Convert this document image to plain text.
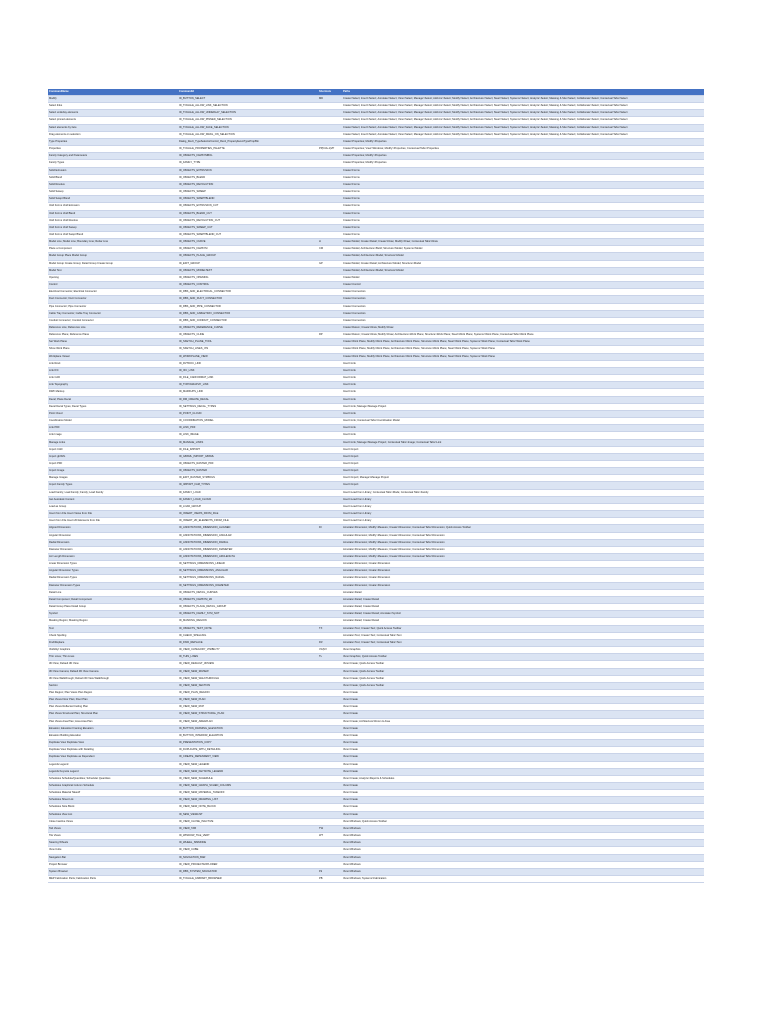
CommandName	CommandId	Shortcuts	Paths
Modify	ID_BUTTON_SELECT	MD	Create>Select; Insert>Select; Annotate>Select; View>Select; Manage>Select; Add-Ins>Select; Modify>Select; Architecture>Select; Steel>Select; Systems>Select; Analyze>Select; Massing & Site>Select; Collaborate>Select; Contextual Tabs>Select
Select links	ID_TOGGLE_ALLOW_LINK_SELECTION		Create>Select; Insert>Select; Annotate>Select; View>Select; Manage>Select; Add-Ins>Select; Modify>Select; Architecture>Select; Steel>Select; Systems>Select; Analyze>Select; Massing & Site>Select; Collaborate>Select; Contextual Tabs>Select
Select underlay elements	ID_TOGGLE_ALLOW_UNDERLAY_SELECTION		Create>Select; Insert>Select; Annotate>Select; View>Select; Manage>Select; Add-Ins>Select; Modify>Select; Architecture>Select; Steel>Select; Systems>Select; Analyze>Select; Massing & Site>Select; Collaborate>Select; Contextual Tabs>Select
Select pinned elements	ID_TOGGLE_ALLOW_PINNED_SELECTION		Create>Select; Insert>Select; Annotate>Select; View>Select; Manage>Select; Add-Ins>Select; Modify>Select; Architecture>Select; Steel>Select; Systems>Select; Analyze>Select; Massing & Site>Select; Collaborate>Select; Contextual Tabs>Select
Select elements by face	ID_TOGGLE_ALLOW_FACE_SELECTION		Create>Select; Insert>Select; Annotate>Select; View>Select; Manage>Select; Add-Ins>Select; Modify>Select; Architecture>Select; Steel>Select; Systems>Select; Analyze>Select; Massing & Site>Select; Collaborate>Select; Contextual Tabs>Select
Drag elements on selection	ID_TOGGLE_ALLOW_DRAG_ON_SELECTION		Create>Select; Insert>Select; Annotate>Select; View>Select; Manage>Select; Add-Ins>Select; Modify>Select; Architecture>Select; Steel>Select; Systems>Select; Analyze>Select; Massing & Site>Select; Collaborate>Select; Contextual Tabs>Select
Type Properties	Dialog_Revit_TypeSelectorControl_Revit_PropertyEventTypePropBtn		Create>Properties; Modify>Properties
Properties	ID_TOGGLE_PROPERTIES_PALETTE	PP|Ctrl+1|VP	Create>Properties; View>Windows; Modify>Properties; Contextual Tabs>Properties
Family Category and Parameters	ID_OBJECTS_FAMSYMBOL		Create>Properties; Modify>Properties
Family Types	ID_FAMILY_TYPE		Create>Properties; Modify>Properties
Solid Extrusion	ID_OBJECTS_EXTRUSION		Create>Forms
Solid Blend	ID_OBJECTS_BLEND		Create>Forms
Solid Revolve	ID_OBJECTS_REVOLUTION		Create>Forms
Solid Sweep	ID_OBJECTS_SWEEP		Create>Forms
Solid Swept Blend	ID_OBJECTS_SWEPTBLEND		Create>Forms
Void Forms Void Extrusion	ID_OBJECTS_EXTRUSION_CUT		Create>Forms
Void Forms Void Blend	ID_OBJECTS_BLEND_CUT		Create>Forms
Void Forms Void Revolve	ID_OBJECTS_REVOLUTION_CUT		Create>Forms
Void Forms Void Sweep	ID_OBJECTS_SWEEP_CUT		Create>Forms
Void Forms Void Swept Blend	ID_OBJECTS_SWEPTBLEND_CUT		Create>Forms
Model Line; Model Line; Boundary Line; Rebar Line	ID_OBJECTS_CURVE	LI	Create>Model; Create>Detail; Create>Draw; Modify>Draw; Contextual Tabs>Draw
Place a Component	ID_OBJECTS_FAMSYM	CM	Create>Model; Architecture>Build; Structure>Model; Systems>Model
Model Group Place Model Group	ID_OBJECTS_PLACE_GROUP		Create>Model; Architecture>Model; Structure>Model
Model Group Create Group; Detail Group Create Group	ID_EDIT_GROUP	GP	Create>Model; Create>Detail; Architecture>Model; Structure>Model
Model Text	ID_OBJECTS_MODELTEXT		Create>Model; Architecture>Model; Structure>Model
Opening	ID_OBJECTS_OPENING		Create>Model
Control	ID_OBJECTS_CONTROL		Create>Control
Electrical Connector; Electrical Connector	ID_RBS_ADD_ELECTRICAL_CONNECTOR		Create>Connectors
Duct Connector; Duct Connector	ID_RBS_ADD_DUCT_CONNECTOR		Create>Connectors
Pipe Connector; Pipe Connector	ID_RBS_ADD_PIPE_CONNECTOR		Create>Connectors
Cable Tray Connector; Cable Tray Connector	ID_RBS_ADD_CABLETRAY_CONNECTOR		Create>Connectors
Conduit Connector; Conduit Connector	ID_RBS_ADD_CONDUIT_CONNECTOR		Create>Connectors
Reference Line; Reference Line	ID_OBJECTS_REFERENCE_CURVE		Create>Datum; Create>Draw; Modify>Draw
Reference Plane; Reference Plane	ID_OBJECTS_CLINE	RP	Create>Datum; Create>Draw; Modify>Draw; Architecture>Work Plane; Structure>Work Plane; Steel>Work Plane; Systems>Work Plane; Contextual Tabs>Work Plane
Set Work Plane	ID_SKETCH_PLANE_TOOL		Create>Work Plane; Modify>Work Plane; Architecture>Work Plane; Structure>Work Plane; Steel>Work Plane; Systems>Work Plane; Contextual Tabs>Work Plane
Show Work Plane	ID_SKETCH_LINES_VIS		Create>Work Plane; Modify>Work Plane; Architecture>Work Plane; Structure>Work Plane; Steel>Work Plane; Systems>Work Plane
Workplane Viewer	ID_WORKPLANE_VIEW		Create>Work Plane; Modify>Work Plane; Architecture>Work Plane; Structure>Work Plane; Steel>Work Plane; Systems>Work Plane
Link Revit	ID_RVTDOC_LINK		Insert>Link
Link IFC	ID_IFC_LINK		Insert>Link
Link CAD	ID_FILE_CADFORMAT_LINK		Insert>Link
Link Topography	ID_TOPOGRAPHY_LINK		Insert>Link
DWF Markup	ID_MARKUPS_LINK		Insert>Link
Decal; Place Decal	ID_RM_CREATE_DECAL		Insert>Link
Decal Decal Types; Decal Types	ID_SETTINGS_DECAL_TYPES		Insert>Link; Manage>Manage Project
Point Cloud	ID_POINT_CLOUD		Insert>Link
Coordination Model	ID_COORDINATION_MODEL		Insert>Link; Contextual Tabs>Coordination Model
Link PDF	ID_LINK_PDF		Insert>Link
Link Image	ID_LINK_IMAGE		Insert>Link
Manage Links	ID_MANAGE_LINKS		Insert>Link; Manage>Manage Project; Contextual Tabs>Image; Contextual Tabs>Link
Import CAD	ID_FILE_IMPORT		Insert>Import
Import gbXML	ID_GBXML_IMPORT_GBXML		Insert>Import
Import PDF	ID_OBJECTS_RASTER_PDF		Insert>Import
Import Image	ID_OBJECTS_RASTER		Insert>Import
Manage Images	ID_EDIT_RASTER_SYMBOLS		Insert>Import; Manage>Manage Project
Import Family Types	ID_IMPORT_FAM_TYPES		Insert>Import
Load Family; Load Family; Family; Load Family	ID_FAMILY_LOAD		Insert>Load from Library; Contextual Tabs>Mode; Contextual Tabs>Family
Get Autodesk Content	ID_FAMILY_LOAD_CLOUD		Insert>Load from Library
Load as Group	ID_LOAD_GROUP		Insert>Load from Library
Insert from File Insert Views from File	ID_INSERT_VIEWS_FROM_FILE		Insert>Load from Library
Insert from File Insert 2D Elements from File	ID_INSERT_2D_ELEMENTS_FROM_FILE		Insert>Load from Library
Aligned Dimension	ID_ANNOTATIONS_DIMENSION_ALIGNED	DI	Annotate>Dimension; Modify>Measure; Create>Dimension; Contextual Tabs>Dimension; Quick Access Toolbar
Angular Dimension	ID_ANNOTATIONS_DIMENSION_ANGULAR		Annotate>Dimension; Modify>Measure; Create>Dimension; Contextual Tabs>Dimension
Radial Dimension	ID_ANNOTATIONS_DIMENSION_RADIAL		Annotate>Dimension; Modify>Measure; Create>Dimension; Contextual Tabs>Dimension
Diameter Dimension	ID_ANNOTATIONS_DIMENSION_DIAMETER		Annotate>Dimension; Modify>Measure; Create>Dimension; Contextual Tabs>Dimension
Arc Length Dimension	ID_ANNOTATIONS_DIMENSION_ARCLENGTH		Annotate>Dimension; Modify>Measure; Create>Dimension; Contextual Tabs>Dimension
Linear Dimension Types	ID_SETTINGS_DIMENSIONS_LINEAR		Annotate>Dimension; Create>Dimension
Angular Dimension Types	ID_SETTINGS_DIMENSIONS_ANGULAR		Annotate>Dimension; Create>Dimension
Radial Dimension Types	ID_SETTINGS_DIMENSIONS_RADIAL		Annotate>Dimension; Create>Dimension
Diameter Dimension Types	ID_SETTINGS_DIMENSIONS_DIAMETER		Annotate>Dimension; Create>Dimension
Detail Line	ID_OBJECTS_DETAIL_CURVES		Annotate>Detail
Detail Component; Detail Component	ID_OBJECTS_FAMSYM_2D		Annotate>Detail; Create>Detail
Detail Group Place Detail Group	ID_OBJECTS_PLACE_DETAIL_GROUP		Annotate>Detail; Create>Detail
Symbol	ID_OBJECTS_FAMILY_SYM_NOT		Annotate>Detail; Create>Detail; Annotate>Symbol
Masking Region; Masking Region	ID_MASKING_REGION		Annotate>Detail; Create>Detail
Text	ID_OBJECTS_TEXT_NOTE	TX	Annotate>Text; Create>Text; Quick Access Toolbar
Check Spelling	ID_CHECK_SPELLING		Annotate>Text; Create>Text; Contextual Tabs>Text
Find/Replace	ID_FIND_REPLACE	FR	Annotate>Text; Create>Text; Contextual Tabs>Text
Visibility/ Graphics	ID_VIEW_CATEGORY_VISIBILITY	VG|VV	View>Graphics
Thin Lines; Thin Lines	ID_THIN_LINES	TL	View>Graphics; Quick Access Toolbar
3D View; Default 3D View	ID_VIEW_DEFAULT_3DVIEW		View>Create; Quick Access Toolbar
3D View Camera; Default 3D View Camera	ID_VIEW_NEW_3DVIEW		View>Create; Quick Access Toolbar
3D View Walkthrough; Default 3D View Walkthrough	ID_VIEW_NEW_WALKTHROUGH		View>Create; Quick Access Toolbar
Section	ID_VIEW_NEW_SECTION		View>Create; Quick Access Toolbar
Plan Region; Plan Views Plan Region	ID_VIEW_PLAN_REGION		View>Create
Plan Views Floor Plan; Floor Plan	ID_VIEW_NEW_PLAN		View>Create
Plan Views Reflected Ceiling Plan	ID_VIEW_NEW_RCP		View>Create
Plan Views Structural Plan; Structural Plan	ID_VIEW_NEW_STRUCTURAL_PLAN		View>Create
Plan Views Area Plan; Area Area Plan	ID_VIEW_NEW_AREAPLAN		View>Create; Architecture>Room & Area
Elevation; Elevation Framing Elevation	ID_BUTTON_FRAMING_ELEVATION		View>Create
Elevation Building Elevation	ID_BUTTON_INTERIOR_ELEVATION		View>Create
Duplicate View Duplicate View	ID_PRESENTATION_COPY		View>Create
Duplicate View Duplicate with Detailing	ID_DUPLICATE_WITH_DETAILING		View>Create
Duplicate View Duplicate as Dependent	ID_CREATE_DEPENDENT_VIEW		View>Create
Legends Legend	ID_VIEW_NEW_LEGEND		View>Create
Legends Keynote Legend	ID_VIEW_NEW_KEYNOTE_LEGEND		View>Create
Schedules Schedule/Quantities; Schedule/ Quantities	ID_VIEW_NEW_SCHEDULE		View>Create; Analyze>Reports & Schedules
Schedules Graphical Column Schedule	ID_VIEW_NEW_GRAPH_SCHED_COLUMN		View>Create
Schedules Material Takeoff	ID_VIEW_NEW_MATERIAL_TAKEOFF		View>Create
Schedules Sheet List	ID_VIEW_NEW_DRAWING_LIST		View>Create
Schedules Note Block	ID_VIEW_NEW_NOTE_BLOCK		View>Create
Schedules View List	ID_NEW_VIEWLIST		View>Create
Close Inactive Views	ID_VIEW_CLOSE_INACTIVE		View>Windows; Quick Access Toolbar
Tab Views	ID_VIEW_TAB	TW	View>Windows
Tile Views	ID_WINDOW_TILE_VERT	WT	View>Windows
Steering Wheels	ID_WHEEL_SIMMODE		View>Windows
View Cube	ID_VIEW_CUBE		View>Windows
Navigation Bar	ID_NAVIGATION_BAR		View>Windows
Project Browser	ID_VIEW_PROJECTEXPLORER		View>Windows
System Browser	ID_RBS_SYSTEM_NAVIGATOR	F9	View>Windows
MEP Fabrication Parts; Fabrication Parts	ID_TOGGLE_FABPART_BROWSER	PB	View>Windows; Systems>Fabrication
